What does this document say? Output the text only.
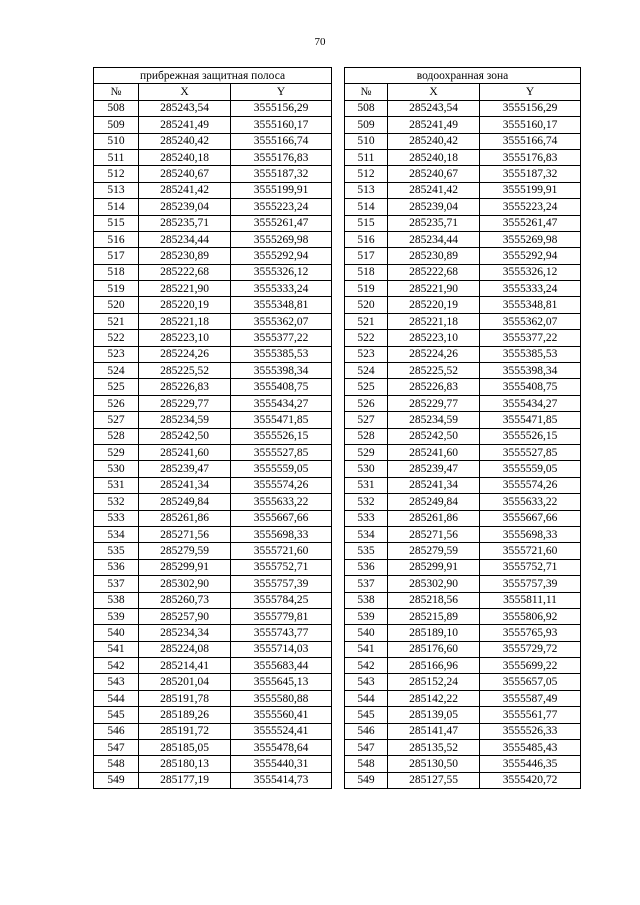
70
прибрежная защитная полоса		
№	X	Y
508	285243,54	3555156,29
509	285241,49	3555160,17
510	285240,42	3555166,74
511	285240,18	3555176,83
512	285240,67	3555187,32
513	285241,42	3555199,91
514	285239,04	3555223,24
515	285235,71	3555261,47
516	285234,44	3555269,98
517	285230,89	3555292,94
518	285222,68	3555326,12
519	285221,90	3555333,24
520	285220,19	3555348,81
521	285221,18	3555362,07
522	285223,10	3555377,22
523	285224,26	3555385,53
524	285225,52	3555398,34
525	285226,83	3555408,75
526	285229,77	3555434,27
527	285234,59	3555471,85
528	285242,50	3555526,15
529	285241,60	3555527,85
530	285239,47	3555559,05
531	285241,34	3555574,26
532	285249,84	3555633,22
533	285261,86	3555667,66
534	285271,56	3555698,33
535	285279,59	3555721,60
536	285299,91	3555752,71
537	285302,90	3555757,39
538	285260,73	3555784,25
539	285257,90	3555779,81
540	285234,34	3555743,77
541	285224,08	3555714,03
542	285214,41	3555683,44
543	285201,04	3555645,13
544	285191,78	3555580,88
545	285189,26	3555560,41
546	285191,72	3555524,41
547	285185,05	3555478,64
548	285180,13	3555440,31
549	285177,19	3555414,73
водоохранная зона		
№	X	Y
508	285243,54	3555156,29
509	285241,49	3555160,17
510	285240,42	3555166,74
511	285240,18	3555176,83
512	285240,67	3555187,32
513	285241,42	3555199,91
514	285239,04	3555223,24
515	285235,71	3555261,47
516	285234,44	3555269,98
517	285230,89	3555292,94
518	285222,68	3555326,12
519	285221,90	3555333,24
520	285220,19	3555348,81
521	285221,18	3555362,07
522	285223,10	3555377,22
523	285224,26	3555385,53
524	285225,52	3555398,34
525	285226,83	3555408,75
526	285229,77	3555434,27
527	285234,59	3555471,85
528	285242,50	3555526,15
529	285241,60	3555527,85
530	285239,47	3555559,05
531	285241,34	3555574,26
532	285249,84	3555633,22
533	285261,86	3555667,66
534	285271,56	3555698,33
535	285279,59	3555721,60
536	285299,91	3555752,71
537	285302,90	3555757,39
538	285218,56	3555811,11
539	285215,89	3555806,92
540	285189,10	3555765,93
541	285176,60	3555729,72
542	285166,96	3555699,22
543	285152,24	3555657,05
544	285142,22	3555587,49
545	285139,05	3555561,77
546	285141,47	3555526,33
547	285135,52	3555485,43
548	285130,50	3555446,35
549	285127,55	3555420,72
